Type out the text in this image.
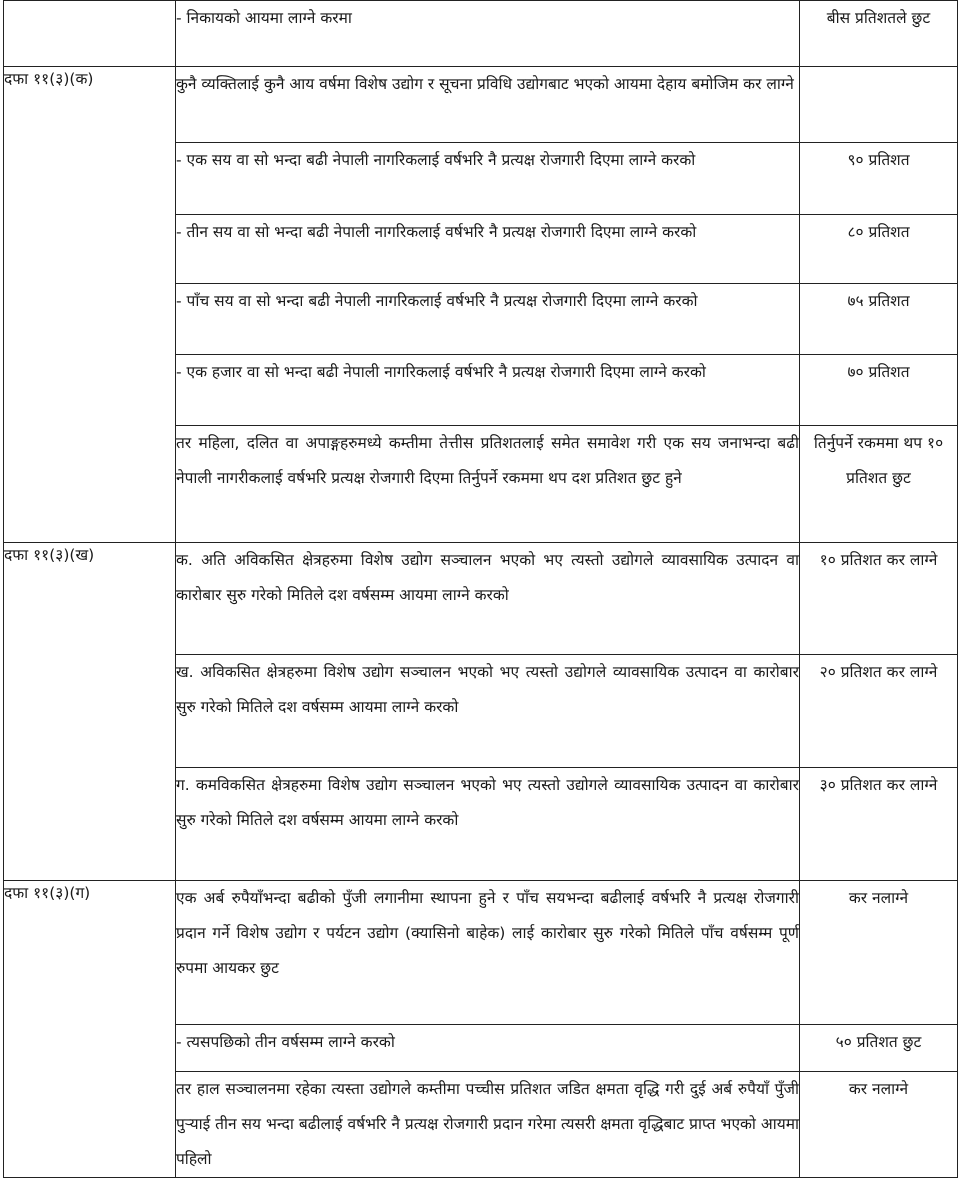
	- निकायको आयमा लाग्ने करमा	बीस प्रतिशतले छुट
दफा ११(३)(क)	कुनै व्यक्तिलाई कुनै आय वर्षमा विशेष उद्योग र सूचना प्रविधि उद्योगबाट भएको आयमा देहाय बमोजिम कर लाग्ने	
	- एक सय वा सो भन्दा बढी नेपाली नागरिकलाई वर्षभरि नै प्रत्यक्ष रोजगारी दिएमा लाग्ने करको	९० प्रतिशत
	- तीन सय वा सो भन्दा बढी नेपाली नागरिकलाई वर्षभरि नै प्रत्यक्ष रोजगारी दिएमा लाग्ने करको	८० प्रतिशत
	- पाँच सय वा सो भन्दा बढी नेपाली नागरिकलाई वर्षभरि नै प्रत्यक्ष रोजगारी दिएमा लाग्ने करको	७५ प्रतिशत
	- एक हजार वा सो भन्दा बढी नेपाली नागरिकलाई वर्षभरि नै प्रत्यक्ष रोजगारी दिएमा लाग्ने करको	७० प्रतिशत
	तर महिला, दलित वा अपाङ्गहरुमध्ये कम्तीमा तेत्तीस प्रतिशतलाई समेत समावेश गरी एक सय जनाभन्दा बढी नेपाली नागरीकलाई वर्षभरि प्रत्यक्ष रोजगारी दिएमा तिर्नुपर्ने रकममा थप दश प्रतिशत छुट हुने	तिर्नुपर्ने रकममा थप १० प्रतिशत छुट
दफा ११(३)(ख)	क. अति अविकसित क्षेत्रहरुमा विशेष उद्योग सञ्चालन भएको भए त्यस्तो उद्योगले व्यावसायिक उत्पादन वा कारोबार सुरु गरेको मितिले दश वर्षसम्म आयमा लाग्ने करको	१० प्रतिशत कर लाग्ने
	ख. अविकसित क्षेत्रहरुमा विशेष उद्योग सञ्चालन भएको भए त्यस्तो उद्योगले व्यावसायिक उत्पादन वा कारोबार सुरु गरेको मितिले दश वर्षसम्म आयमा लाग्ने करको	२० प्रतिशत कर लाग्ने
	ग. कमविकसित क्षेत्रहरुमा विशेष उद्योग सञ्चालन भएको भए त्यस्तो उद्योगले व्यावसायिक उत्पादन वा कारोबार सुरु गरेको मितिले दश वर्षसम्म आयमा लाग्ने करको	३० प्रतिशत कर लाग्ने
दफा ११(३)(ग)	एक अर्ब रुपैयाँभन्दा बढीको पुँजी लगानीमा स्थापना हुने र पाँच सयभन्दा बढीलाई वर्षभरि नै प्रत्यक्ष रोजगारी प्रदान गर्ने विशेष उद्योग र पर्यटन उद्योग (क्यासिनो बाहेक) लाई कारोबार सुरु गरेको मितिले पाँच वर्षसम्म पूर्ण रुपमा आयकर छुट	कर नलाग्ने
	- त्यसपछिको तीन वर्षसम्म लाग्ने करको	५० प्रतिशत छुट
	तर हाल सञ्चालनमा रहेका त्यस्ता उद्योगले कम्तीमा पच्चीस प्रतिशत जडित क्षमता वृद्धि गरी दुई अर्ब रुपैयाँ पुँजी पुऱ्याई तीन सय भन्दा बढीलाई वर्षभरि नै प्रत्यक्ष रोजगारी प्रदान गरेमा त्यसरी क्षमता वृद्धिबाट प्राप्त भएको आयमा पहिलो	कर नलाग्ने
